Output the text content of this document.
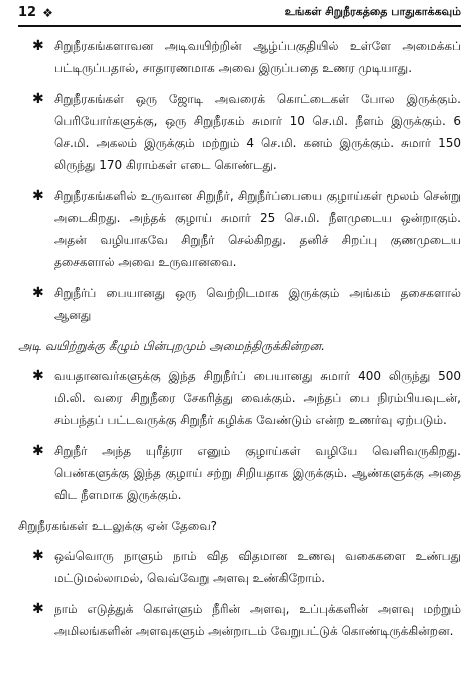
12 ❖	உங்கள் சிறுநீரகத்தை பாதுகாக்கவும்
✱ சிறுநீரகங்களாவன அடிவயிற்றின் ஆழ்ப்பகுதியில் உள்ளே அமைக்கப் பட்டிருப்பதால், சாதாரணமாக அவை இருப்பதை உணர முடியாது.
✱ சிறுநீரகங்கள் ஒரு ஜோடி அவரைக் கொட்டைகள் போல இருக்கும். பெரியோர்களுக்கு, ஒரு சிறுநீரகம் சுமார் 10 செ.மி. நீளம் இருக்கும். 6 செ.மி. அகலம் இருக்கும் மற்றும் 4 செ.மி. கனம் இருக்கும். சுமார் 150 லிருந்து 170 கிராம்கள் எடை கொண்டது.
✱ சிறுநீரகங்களில் உருவான சிறுநீர், சிறுநீர்ப்பையை குழாய்கள் மூலம் சென்று அடைகிறது. அந்தக் குழாய் சுமார் 25 செ.மி. நீளமுடைய ஒன்றாகும். அதன் வழியாகவே சிறுநீர் செல்கிறது. தனிச் சிறப்பு குணமுடைய தசைகளால் அவை உருவானவை.
✱ சிறுநீர்ப் பையானது ஒரு வெற்றிடமாக இருக்கும் அங்கம் தசைகளால் ஆனது
அடி வயிற்றுக்கு கீழும் பின்புறமும் அமைந்திருக்கின்றன.
✱ வயதானவர்களுக்கு இந்த சிறுநீர்ப் பையானது சுமார் 400 லிருந்து 500 மி.லி. வரை சிறுநீரை சேகரித்து வைக்கும். அந்தப் பை நிரம்பியவுடன், சம்பந்தப் பட்டவருக்கு சிறுநீர் கழிக்க வேண்டும் என்ற உணர்வு ஏற்படும்.
✱ சிறுநீர் அந்த யுரீத்ரா எனும் குழாய்கள் வழியே வெளிவருகிறது. பெண்களுக்கு இந்த குழாய் சற்று சிறியதாக இருக்கும். ஆண்களுக்கு அதை விட நீளமாக இருக்கும்.
சிறுநீரகங்கள் உடலுக்கு ஏன் தேவை?
✱ ஒவ்வொரு நாளும் நாம் வித விதமான உணவு வகைகளை உண்பது மட்டுமல்லாமல், வெவ்வேறு அளவு உண்கிறோம்.
✱ நாம் எடுத்துக் கொள்ளும் நீரின் அளவு, உப்புக்களின் அளவு மற்றும் அமிலங்களின் அளவுகளும் அன்றாடம் வேறுபட்டுக் கொண்டிருக்கின்றன.
